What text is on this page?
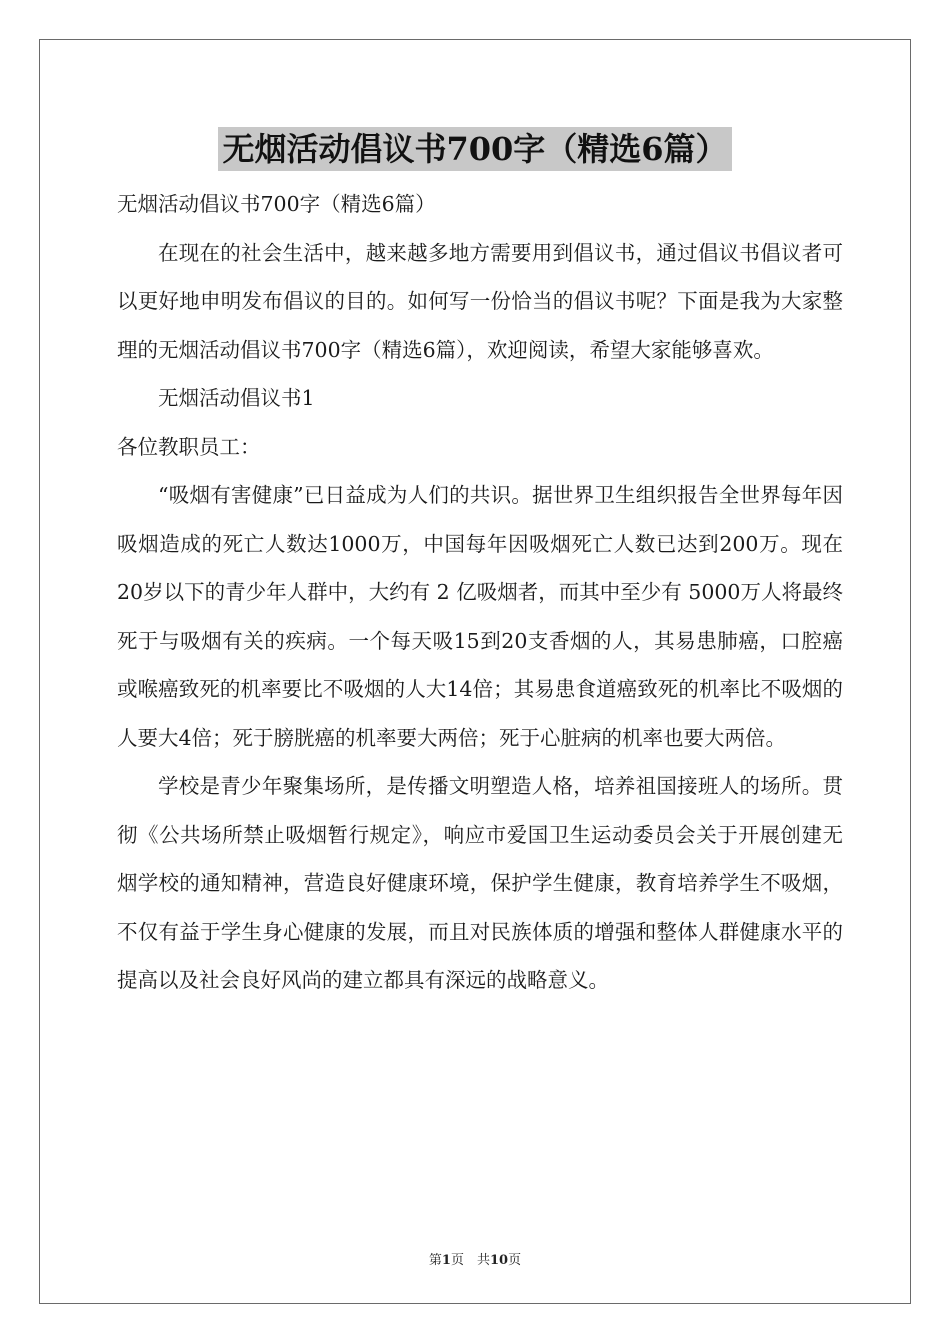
无烟活动倡议书700字（精选6篇）

无烟活动倡议书700字（精选6篇）

在现在的社会生活中，越来越多地方需要用到倡议书，通过倡议书倡议者可以更好地申明发布倡议的目的。如何写一份恰当的倡议书呢？下面是我为大家整理的无烟活动倡议书700字（精选6篇），欢迎阅读，希望大家能够喜欢。

无烟活动倡议书1

各位教职员工：

“吸烟有害健康”已日益成为人们的共识。据世界卫生组织报告全世界每年因吸烟造成的死亡人数达1000万，中国每年因吸烟死亡人数已达到200万。现在20岁以下的青少年人群中，大约有 2 亿吸烟者，而其中至少有 5000万人将最终死于与吸烟有关的疾病。一个每天吸15到20支香烟的人，其易患肺癌，口腔癌或喉癌致死的机率要比不吸烟的人大14倍；其易患食道癌致死的机率比不吸烟的人要大4倍；死于膀胱癌的机率要大两倍；死于心脏病的机率也要大两倍。

学校是青少年聚集场所，是传播文明塑造人格，培养祖国接班人的场所。贯彻《公共场所禁止吸烟暂行规定》，响应市爱国卫生运动委员会关于开展创建无烟学校的通知精神，营造良好健康环境，保护学生健康，教育培养学生不吸烟，不仅有益于学生身心健康的发展，而且对民族体质的增强和整体人群健康水平的提高以及社会良好风尚的建立都具有深远的战略意义。

第1页　共10页
